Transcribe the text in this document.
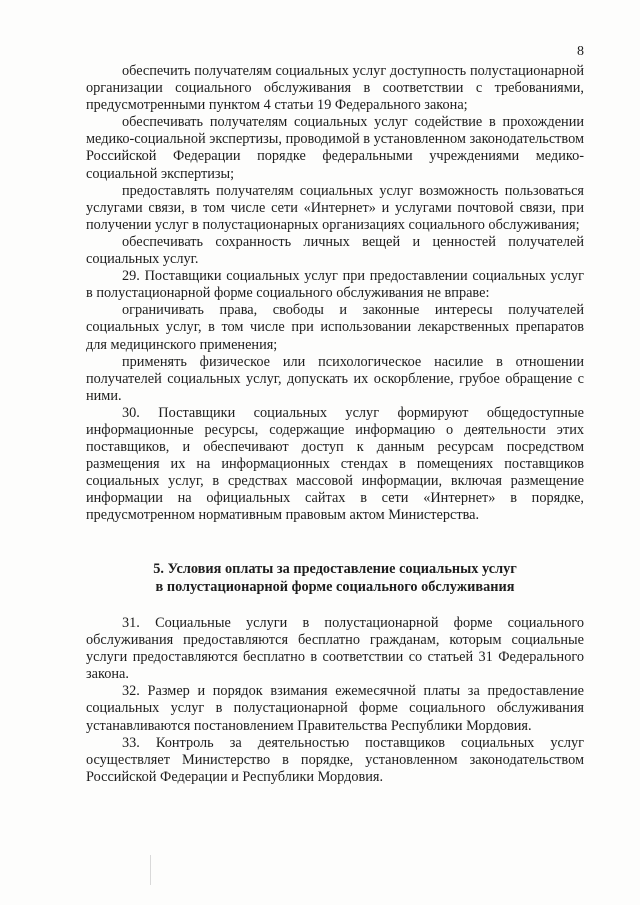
8

обеспечить получателям социальных услуг доступность полустационарной организации социального обслуживания в соответствии с требованиями, предусмотренными пунктом 4 статьи 19 Федерального закона;

обеспечивать получателям социальных услуг содействие в прохождении медико-социальной экспертизы, проводимой в установленном законодательством Российской Федерации порядке федеральными учреждениями медико-социальной экспертизы;

предоставлять получателям социальных услуг возможность пользоваться услугами связи, в том числе сети «Интернет» и услугами почтовой связи, при получении услуг в полустационарных организациях социального обслуживания;

обеспечивать сохранность личных вещей и ценностей получателей социальных услуг.

29. Поставщики социальных услуг при предоставлении социальных услуг в полустационарной форме социального обслуживания не вправе:

ограничивать права, свободы и законные интересы получателей социальных услуг, в том числе при использовании лекарственных препаратов для медицинского применения;

применять физическое или психологическое насилие в отношении получателей социальных услуг, допускать их оскорбление, грубое обращение с ними.

30. Поставщики социальных услуг формируют общедоступные информационные ресурсы, содержащие информацию о деятельности этих поставщиков, и обеспечивают доступ к данным ресурсам посредством размещения их на информационных стендах в помещениях поставщиков социальных услуг, в средствах массовой информации, включая размещение информации на официальных сайтах в сети «Интернет» в порядке, предусмотренном нормативным правовым актом Министерства.

5. Условия оплаты за предоставление социальных услуг
в полустационарной форме социального обслуживания

31. Социальные услуги в полустационарной форме социального обслуживания предоставляются бесплатно гражданам, которым социальные услуги предоставляются бесплатно в соответствии со статьей 31 Федерального закона.

32. Размер и порядок взимания ежемесячной платы за предоставление социальных услуг в полустационарной форме социального обслуживания устанавливаются постановлением Правительства Республики Мордовия.

33. Контроль за деятельностью поставщиков социальных услуг осуществляет Министерство в порядке, установленном законодательством Российской Федерации и Республики Мордовия.
